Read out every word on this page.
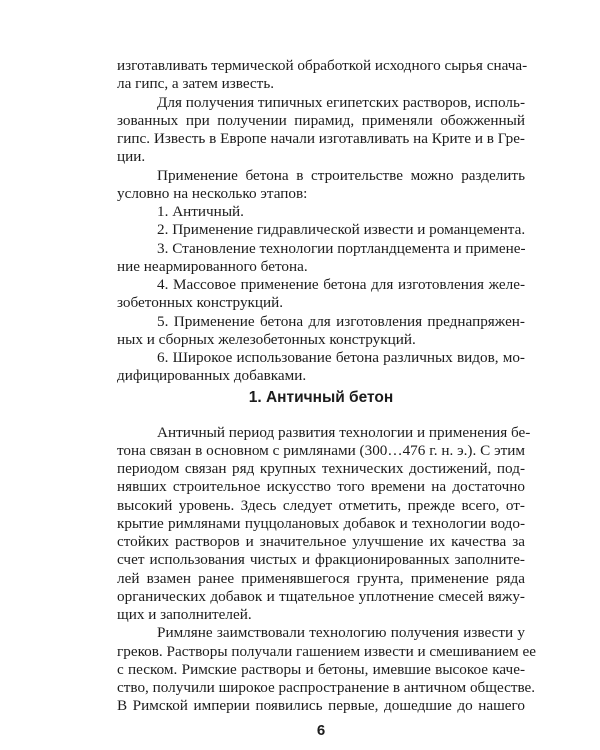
изготавливать термической обработкой исходного сырья снача-
ла гипс, а затем известь.
Для получения типичных египетских растворов, исполь-
зованных при получении пирамид, применяли обожженный
гипс. Известь в Европе начали изготавливать на Крите и в Гре-
ции.
Применение бетона в строительстве можно разделить
условно на несколько этапов:
1. Античный.
2. Применение гидравлической извести и романцемента.
3. Становление технологии портландцемента и примене-
ние неармированного бетона.
4. Массовое применение бетона для изготовления желе-
зобетонных конструкций.
5. Применение бетона для изготовления преднапряжен-
ных и сборных железобетонных конструкций.
6. Широкое использование бетона различных видов, мо-
дифицированных добавками.
1. Античный бетон
Античный период развития технологии и применения бе-
тона связан в основном с римлянами (300…476 г. н. э.). С этим
периодом связан ряд крупных технических достижений, под-
нявших строительное искусство того времени на достаточно
высокий уровень. Здесь следует отметить, прежде всего, от-
крытие римлянами пуццолановых добавок и технологии водо-
стойких растворов и значительное улучшение их качества за
счет использования чистых и фракционированных заполните-
лей взамен ранее применявшегося грунта, применение ряда
органических добавок и тщательное уплотнение смесей вяжу-
щих и заполнителей.
Римляне заимствовали технологию получения извести у
греков. Растворы получали гашением извести и смешиванием ее
с песком. Римские растворы и бетоны, имевшие высокое каче-
ство, получили широкое распространение в античном обществе.
В Римской империи появились первые, дошедшие до нашего
6
